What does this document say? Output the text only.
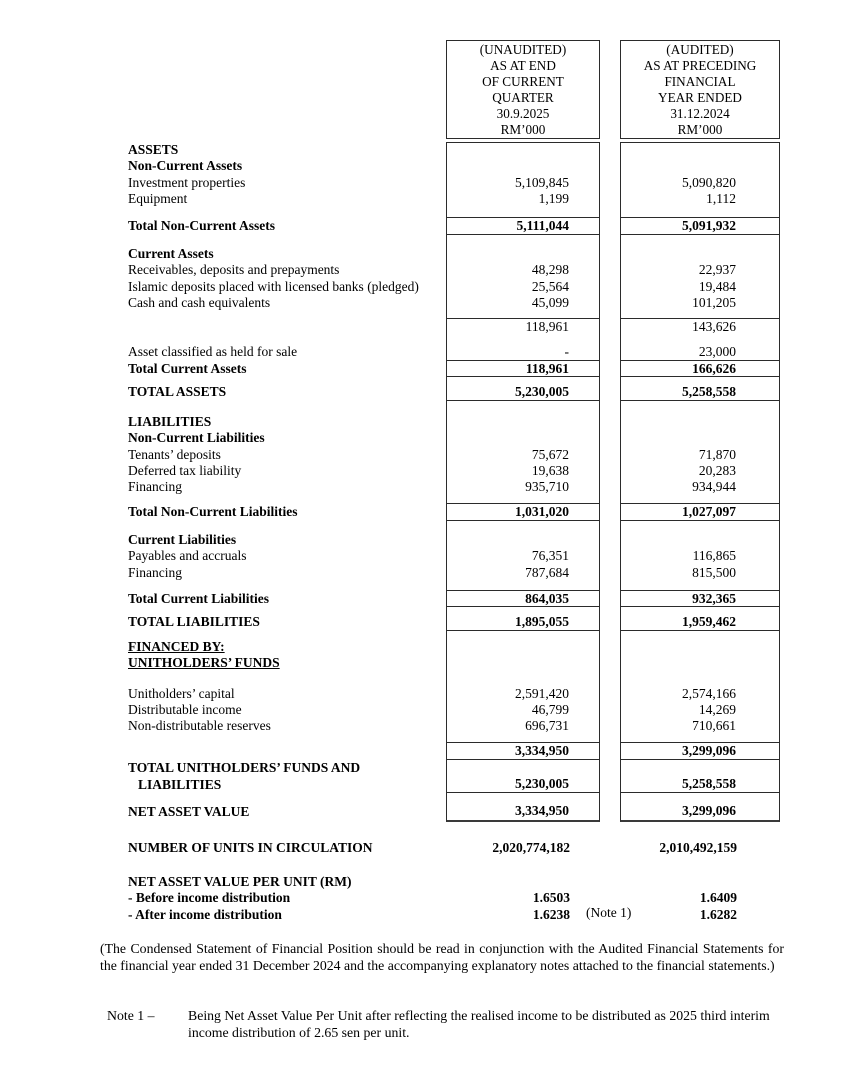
(UNAUDITED)
AS AT END
OF CURRENT
QUARTER
30.9.2025
RM’000
(AUDITED)
AS AT PRECEDING
FINANCIAL
YEAR ENDED
31.12.2024
RM’000
ASSETS
Non-Current Assets
Investment properties	5,109,845	5,090,820
Equipment	1,199	1,112
Total Non-Current Assets	5,111,044	5,091,932
Current Assets
Receivables, deposits and prepayments	48,298	22,937
Islamic deposits placed with licensed banks (pledged)	25,564	19,484
Cash and cash equivalents	45,099	101,205
118,961	143,626
Asset classified as held for sale	-	23,000
Total Current Assets	118,961	166,626
TOTAL ASSETS	5,230,005	5,258,558
LIABILITIES
Non-Current Liabilities
Tenants’ deposits	75,672	71,870
Deferred tax liability	19,638	20,283
Financing	935,710	934,944
Total Non-Current Liabilities	1,031,020	1,027,097
Current Liabilities
Payables and accruals	76,351	116,865
Financing	787,684	815,500
Total Current Liabilities	864,035	932,365
TOTAL LIABILITIES	1,895,055	1,959,462
FINANCED BY:
UNITHOLDERS’ FUNDS
Unitholders’ capital	2,591,420	2,574,166
Distributable income	46,799	14,269
Non-distributable reserves	696,731	710,661
3,334,950	3,299,096
TOTAL UNITHOLDERS’ FUNDS AND
LIABILITIES	5,230,005	5,258,558
NET ASSET VALUE	3,334,950	3,299,096
NUMBER OF UNITS IN CIRCULATION	2,020,774,182	2,010,492,159
NET ASSET VALUE PER UNIT (RM)
- Before income distribution	1.6503	1.6409
- After income distribution	1.6238	1.6282
(Note 1)
(The Condensed Statement of Financial Position should be read in conjunction with the Audited Financial Statements for the financial year ended 31 December 2024 and the accompanying explanatory notes attached to the financial statements.)
Note 1 –	Being Net Asset Value Per Unit after reflecting the realised income to be distributed as 2025 third interim income distribution of 2.65 sen per unit.
